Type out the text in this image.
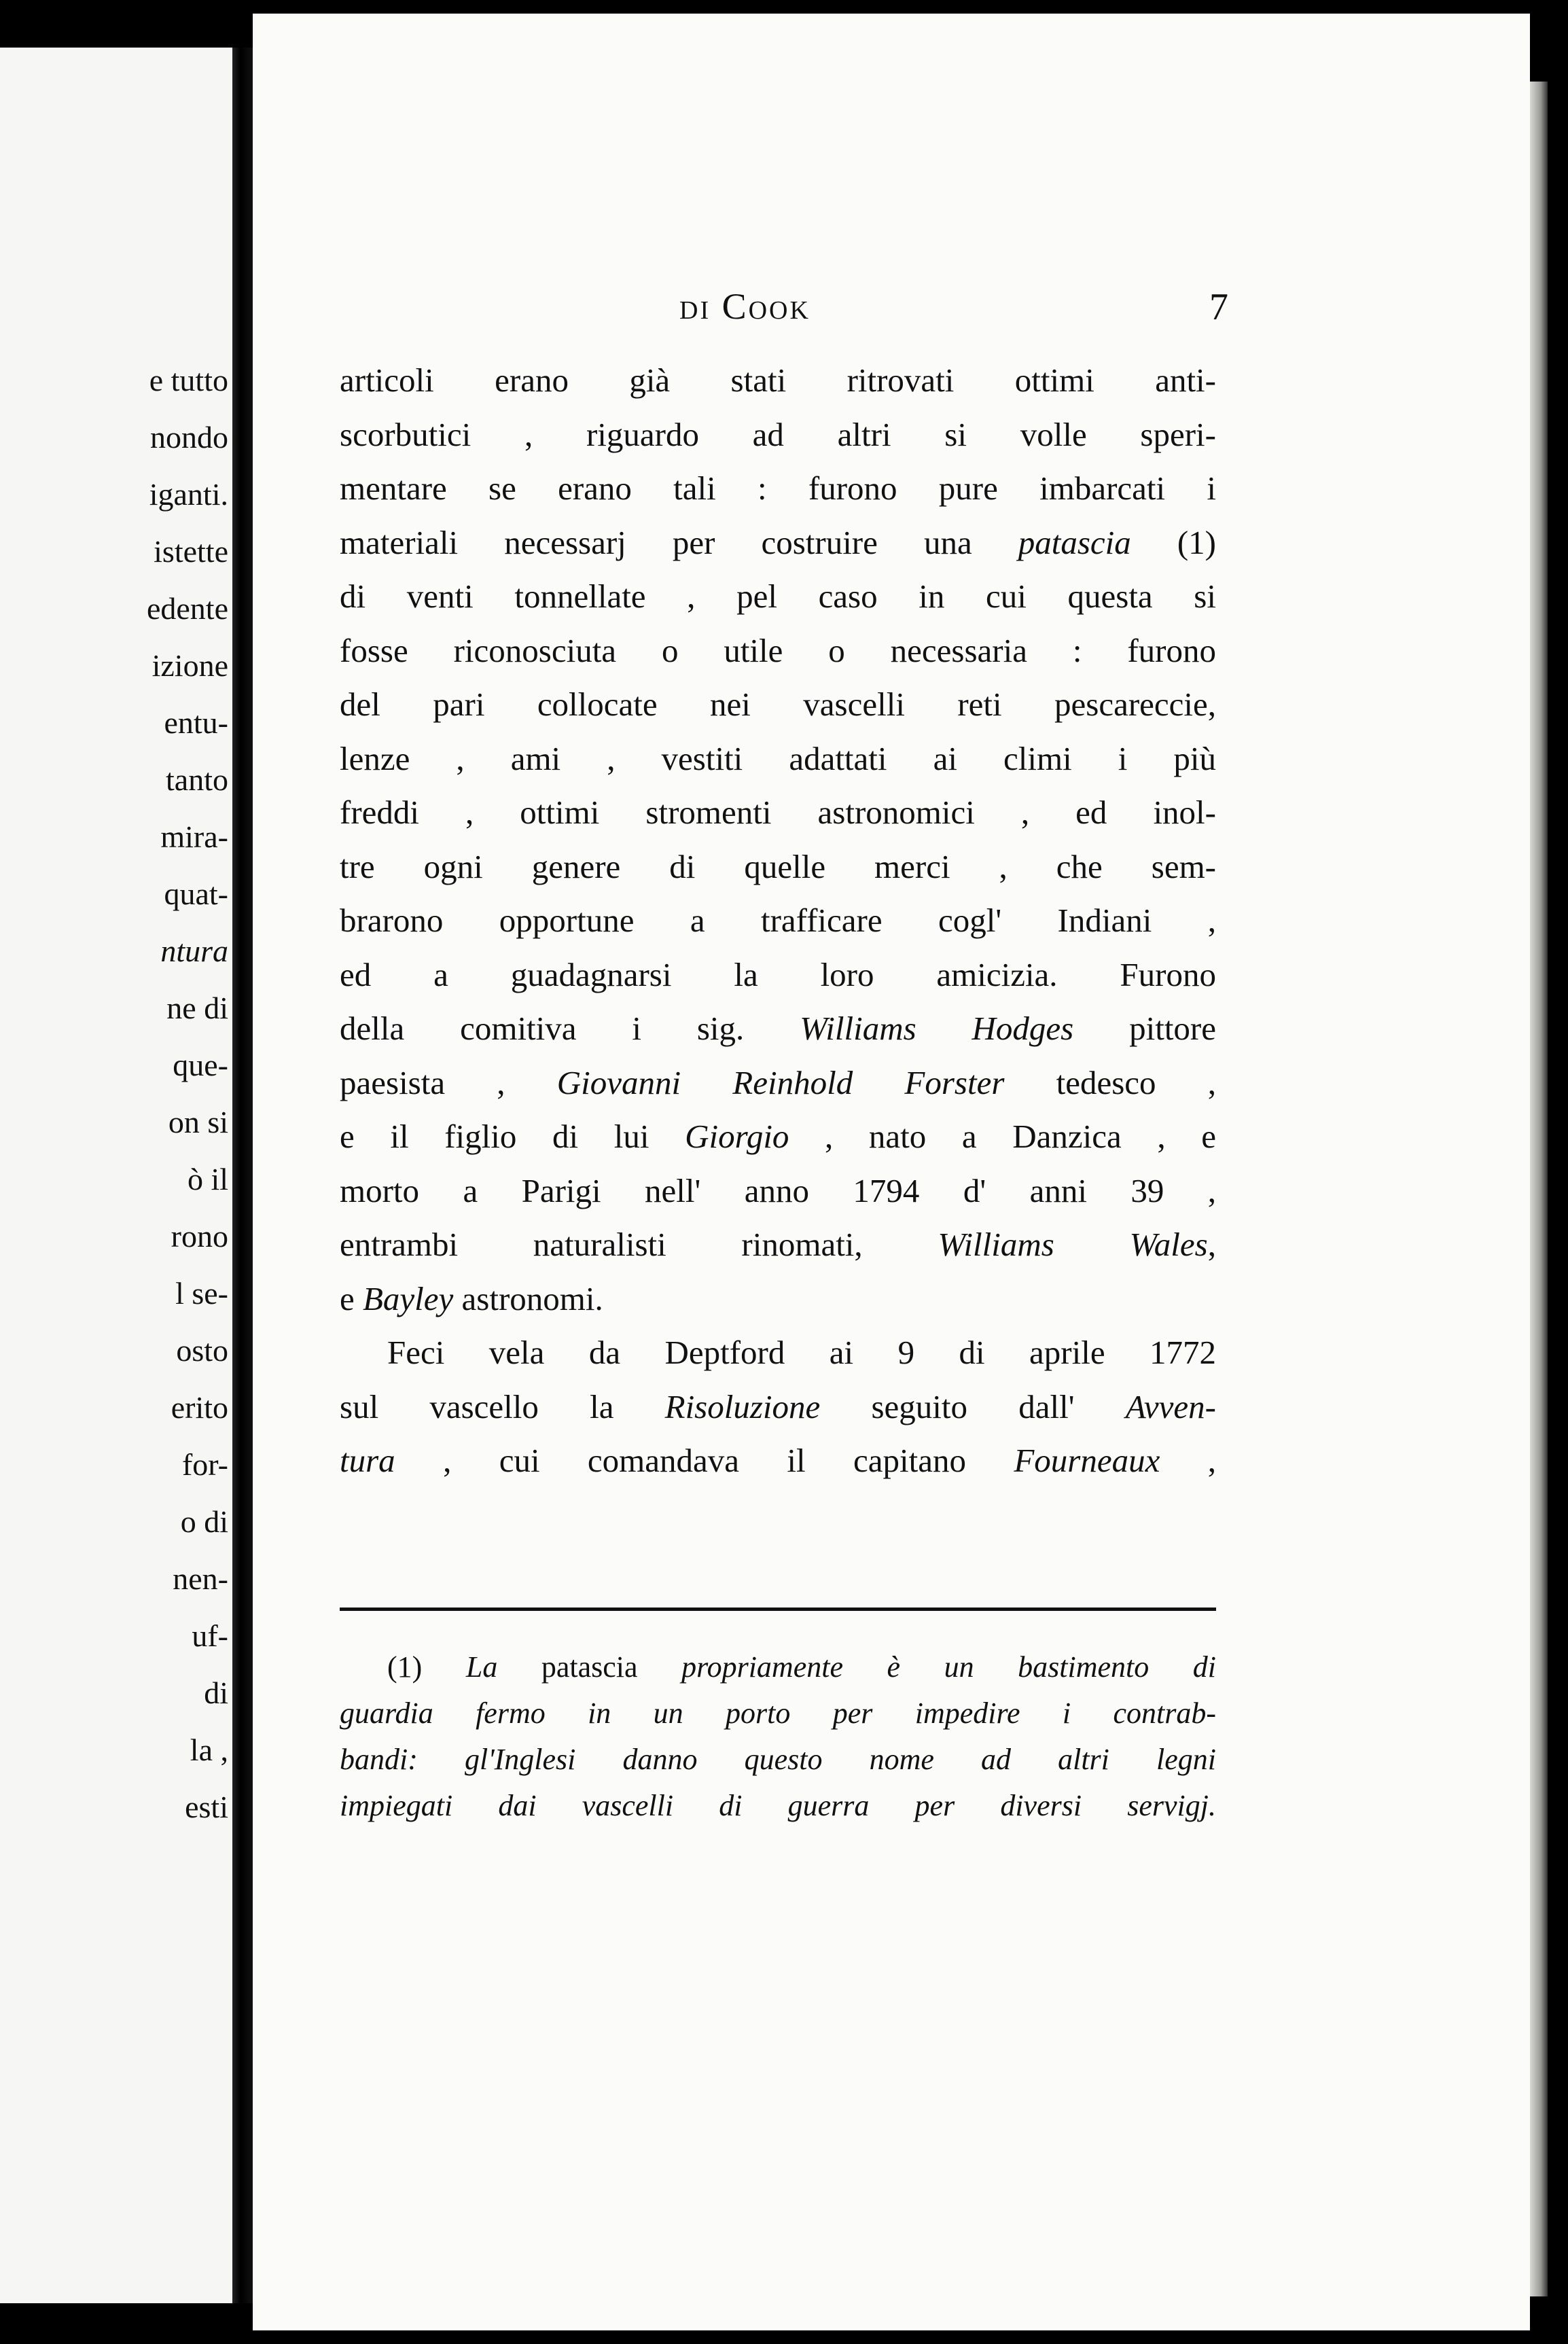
e tutto
nondo
iganti.
istette
edente
izione
entu-
tanto
mira-
quat-
ntura
ne di
que-
on si
ò il
rono
l se-
osto
erito
for-
o di
nen-
uf-
di
la ,
esti
di Cook	7
articoli erano già stati ritrovati ottimi anti-
scorbutici , riguardo ad altri si volle speri-
mentare se erano tali : furono pure imbarcati i
materiali necessarj per costruire una patascia (1)
di venti tonnellate , pel caso in cui questa si
fosse riconosciuta o utile o necessaria : furono
del pari collocate nei vascelli reti pescareccie,
lenze , ami , vestiti adattati ai climi i più
freddi , ottimi stromenti astronomici , ed inol-
tre ogni genere di quelle merci , che sem-
brarono opportune a trafficare cogl' Indiani ,
ed a guadagnarsi la loro amicizia. Furono
della comitiva i sig. Williams Hodges pittore
paesista , Giovanni Reinhold Forster tedesco ,
e il figlio di lui Giorgio , nato a Danzica , e
morto a Parigi nell' anno 1794 d' anni 39 ,
entrambi naturalisti rinomati, Williams Wales,
e Bayley astronomi.
Feci vela da Deptford ai 9 di aprile 1772
sul vascello la Risoluzione seguito dall' Avven-
tura , cui comandava il capitano Fourneaux ,
(1) La patascia propriamente è un bastimento di
guardia fermo in un porto per impedire i contrab-
bandi: gl'Inglesi danno questo nome ad altri legni
impiegati dai vascelli di guerra per diversi servigj.
